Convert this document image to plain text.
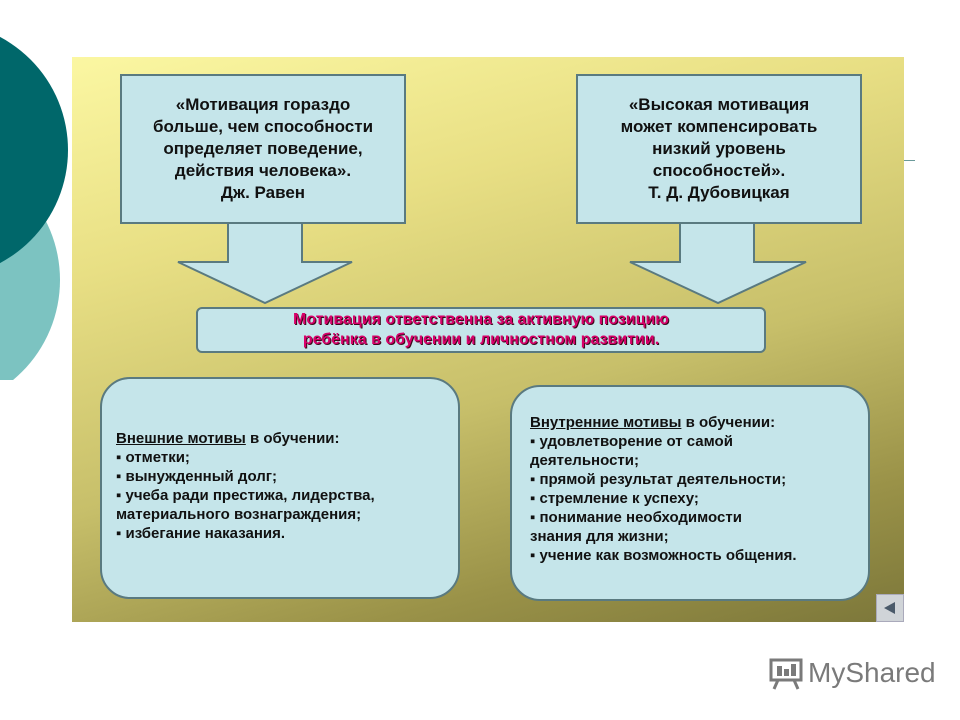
«Мотивация гораздо
больше, чем способности
определяет поведение,
действия человека».
Дж. Равен
«Высокая мотивация
может компенсировать
низкий уровень
способностей».
Т. Д. Дубовицкая
Мотивация ответственна за активную позицию
ребёнка в обучении и личностном развитии.
Внешние мотивы в обучении:
▪ отметки;
▪ вынужденный долг;
▪ учеба ради престижа, лидерства,
материального вознаграждения;
▪ избегание наказания.
Внутренние мотивы в обучении:
▪ удовлетворение от самой
деятельности;
▪ прямой результат деятельности;
▪ стремление к успеху;
▪ понимание необходимости
знания для жизни;
▪ учение как возможность общения.
MyShared
